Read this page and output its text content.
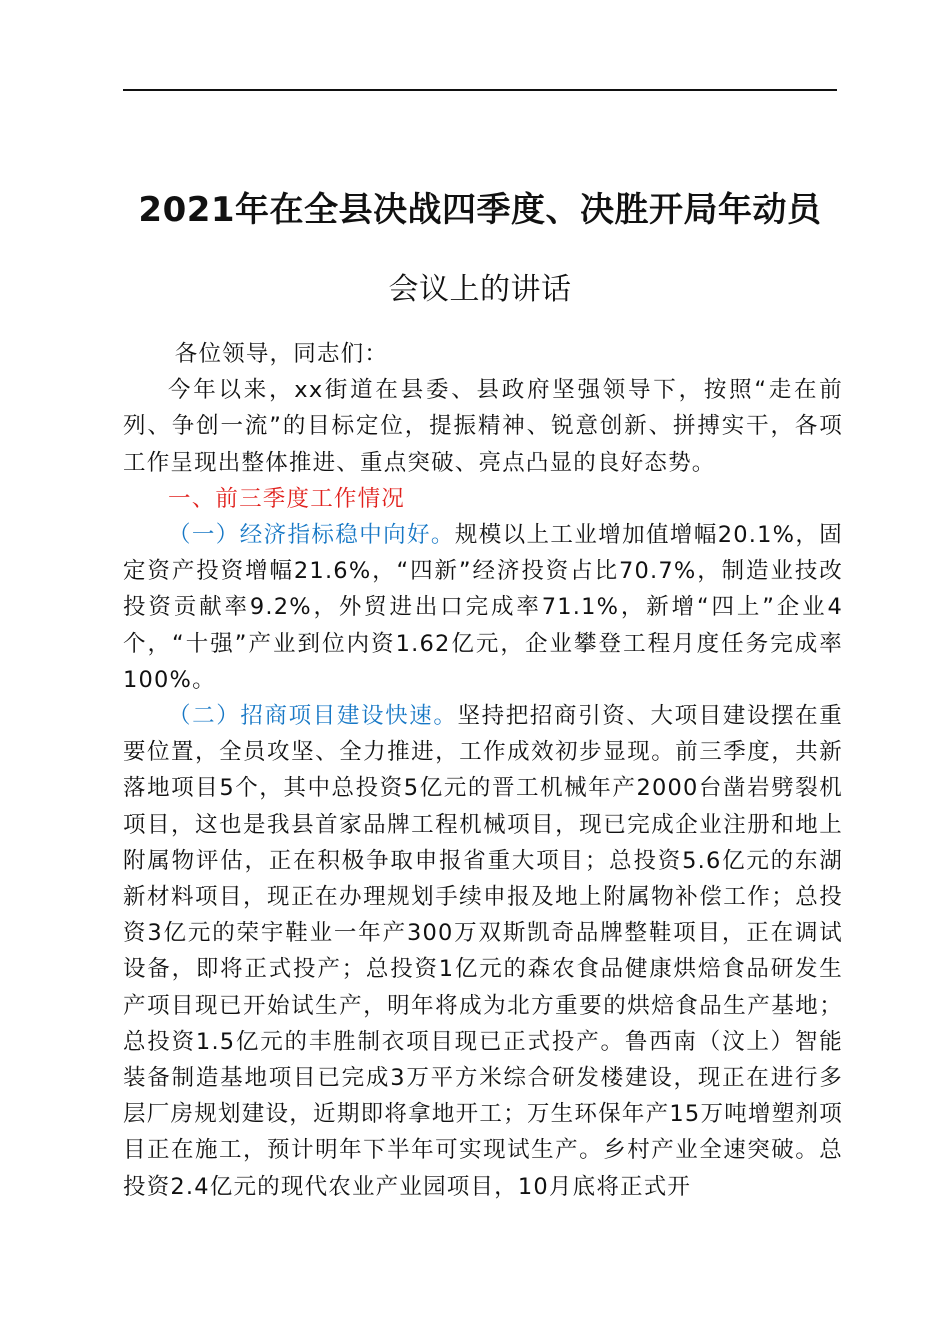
2021年在全县决战四季度、决胜开局年动员
会议上的讲话

各位领导，同志们：

今年以来，xx街道在县委、县政府坚强领导下，按照“走在前列、争创一流”的目标定位，提振精神、锐意创新、拼搏实干，各项工作呈现出整体推进、重点突破、亮点凸显的良好态势。

一、前三季度工作情况

（一）经济指标稳中向好。规模以上工业增加值增幅20.1%，固定资产投资增幅21.6%，“四新”经济投资占比70.7%，制造业技改投资贡献率9.2%，外贸进出口完成率71.1%，新增“四上”企业4个，“十强”产业到位内资1.62亿元，企业攀登工程月度任务完成率100%。

（二）招商项目建设快速。坚持把招商引资、大项目建设摆在重要位置，全员攻坚、全力推进，工作成效初步显现。前三季度，共新落地项目5个，其中总投资5亿元的晋工机械年产2000台凿岩劈裂机项目，这也是我县首家品牌工程机械项目，现已完成企业注册和地上附属物评估，正在积极争取申报省重大项目；总投资5.6亿元的东湖新材料项目，现正在办理规划手续申报及地上附属物补偿工作；总投资3亿元的荣宇鞋业一年产300万双斯凯奇品牌整鞋项目，正在调试设备，即将正式投产；总投资1亿元的森农食品健康烘焙食品研发生产项目现已开始试生产，明年将成为北方重要的烘焙食品生产基地；总投资1.5亿元的丰胜制衣项目现已正式投产。鲁西南（汶上）智能装备制造基地项目已完成3万平方米综合研发楼建设，现正在进行多层厂房规划建设，近期即将拿地开工；万生环保年产15万吨增塑剂项目正在施工，预计明年下半年可实现试生产。乡村产业全速突破。总投资2.4亿元的现代农业产业园项目，10月底将正式开
